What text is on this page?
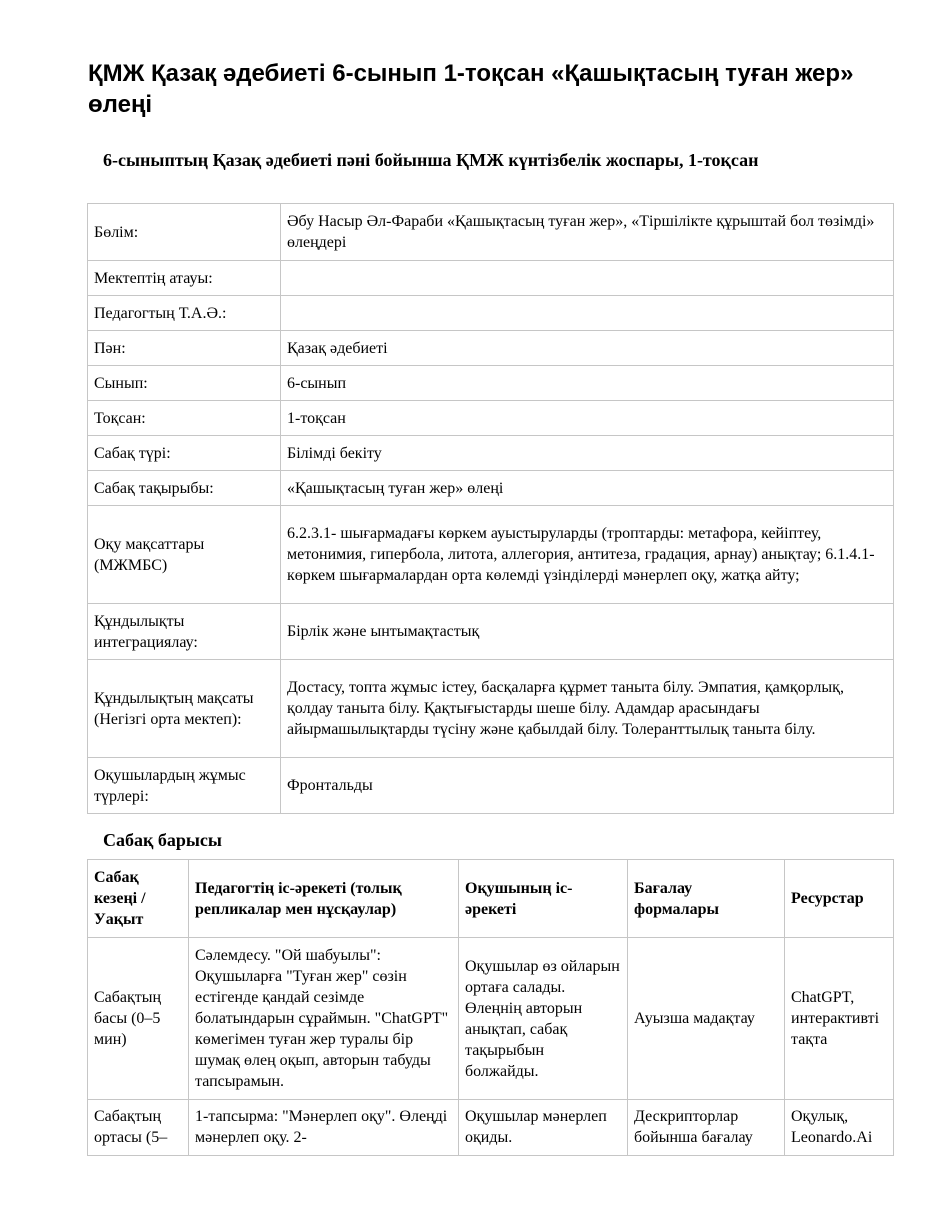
ҚМЖ Қазақ әдебиеті 6-сынып 1-тоқсан «Қашықтасың туған жер» өлеңі
6-сыныптың Қазақ әдебиеті пәні бойынша ҚМЖ күнтізбелік жоспары, 1-тоқсан
Бөлім:	Әбу Насыр Әл-Фараби «Қашықтасың туған жер», «Тіршілікте құрыштай бол төзімді» өлеңдері
Мектептің атауы:	
Педагогтың Т.А.Ә.:	
Пән:	Қазақ әдебиеті
Сынып:	6-сынып
Тоқсан:	1-тоқсан
Сабақ түрі:	Білімді бекіту
Сабақ тақырыбы:	«Қашықтасың туған жер» өлеңі
Оқу мақсаттары (МЖМБС)	6.2.3.1- шығармадағы көркем ауыстыруларды (троптарды: метафора, кейіптеу, метонимия, гипербола, литота, аллегория, антитеза, градация, арнау) анықтау; 6.1.4.1- көркем шығармалардан орта көлемді үзінділерді мәнерлеп оқу, жатқа айту;
Құндылықты интеграциялау:	Бірлік және ынтымақтастық
Құндылықтың мақсаты (Негізгі орта мектеп):	Достасу, топта жұмыс істеу, басқаларға құрмет таныта білу. Эмпатия, қамқорлық, қолдау таныта білу. Қақтығыстарды шеше білу. Адамдар арасындағы айырмашылықтарды түсіну және қабылдай білу. Толеранттылық таныта білу.
Оқушылардың жұмыс түрлері:	Фронтальды
Сабақ барысы
Сабақ кезеңі / Уақыт	Педагогтің іс-әрекеті (толық репликалар мен нұсқаулар)	Оқушының іс-әрекеті	Бағалау формалары	Ресурстар
Сабақтың басы (0–5 мин)	Сәлемдесу. "Ой шабуылы": Оқушыларға "Туған жер" сөзін естігенде қандай сезімде болатындарын сұраймын. "ChatGPT" көмегімен туған жер туралы бір шумақ өлең оқып, авторын табуды тапсырамын.	Оқушылар өз ойларын ортаға салады. Өлеңнің авторын анықтап, сабақ тақырыбын болжайды.	Ауызша мадақтау	ChatGPT, интерактивті тақта
Сабақтың ортасы (5–	1-тапсырма: "Мәнерлеп оқу". Өлеңді мәнерлеп оқу. 2-	Оқушылар мәнерлеп оқиды.	Дескрипторлар бойынша бағалау	Оқулық, Leonardo.Ai
